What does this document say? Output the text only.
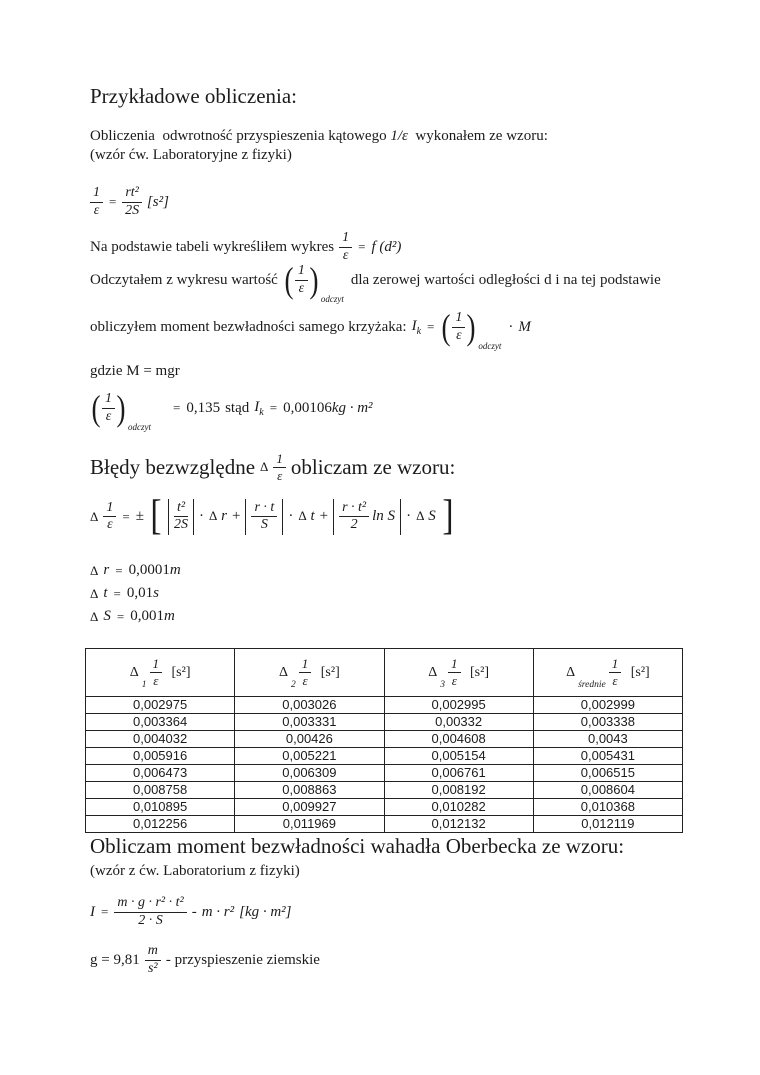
Przykładowe obliczenia:

Obliczenia  odwrotność przyspieszenia kątowego 1/ε  wykonałem ze wzoru:
(wzór ćw. Laboratoryjne z fizyki)

$\frac{1}{\varepsilon} = \frac{\text{rt²}}{2S} [s^2]$
Na podstawie tabeli wykreśliłem wykres $\frac{1}{\varepsilon} = f$ (d²)
Odczytałem z wykresu wartość ( $\frac{1}{\varepsilon}$ ) odczyt
dla zerowej wartości odległości d i na tej podstawie
obliczyłem moment bezwładności samego krzyżaka: $I_k$ = ( $\frac{1}{\varepsilon}$ ) odczyt
· M

gdzie M = mgr

( $\frac{1}{\varepsilon}$ ) odczyt
= 0,135 stąd $I_k = 0,00106kg \cdot m^2$
Błędy bezwzględne Δ $\frac{1}{\varepsilon}$ obliczam ze wzoru:
Δ $\frac{1}{\varepsilon}$ = ± [ $\frac{\text{t²}}{2S} \cdot \Delta$ $r + \frac{r \cdot t}{S} \cdot \Delta$ $t + \frac{\text{r · t²}}{2}$ ln S · Δ S ]
Δ r = 0,0001m
Δ t = 0,01s
Δ S = 0,001m
Δ
$1 \frac{1}{\varepsilon}$
[s²]	Δ
$2 \frac{1}{\varepsilon}$
[s²]	Δ
$3 \frac{1}{\varepsilon}$
[s²]	Δ
średnie $\frac{1}{\varepsilon}$
[s²]

0,002975	0,003026	0,002995	0,002999
0,003364	0,003331	0,00332	0,003338
0,004032	0,00426	0,004608	0,0043
0,005916	0,005221	0,005154	0,005431
0,006473	0,006309	0,006761	0,006515
0,008758	0,008863	0,008192	0,008604
0,010895	0,009927	0,010282	0,010368
0,012256	0,011969	0,012132	0,012119
Obliczam moment bezwładności wahadła Oberbecka ze wzoru:

(wzór z ćw. Laboratorium z fizyki)

$I = \frac{\text{m · g · r² · t²}}{2 \cdot S} - m \cdot r^2$ [kg · m²]
$g = 9,81 \frac{m}{\text{s²}}$ - przyspieszenie ziemskie
